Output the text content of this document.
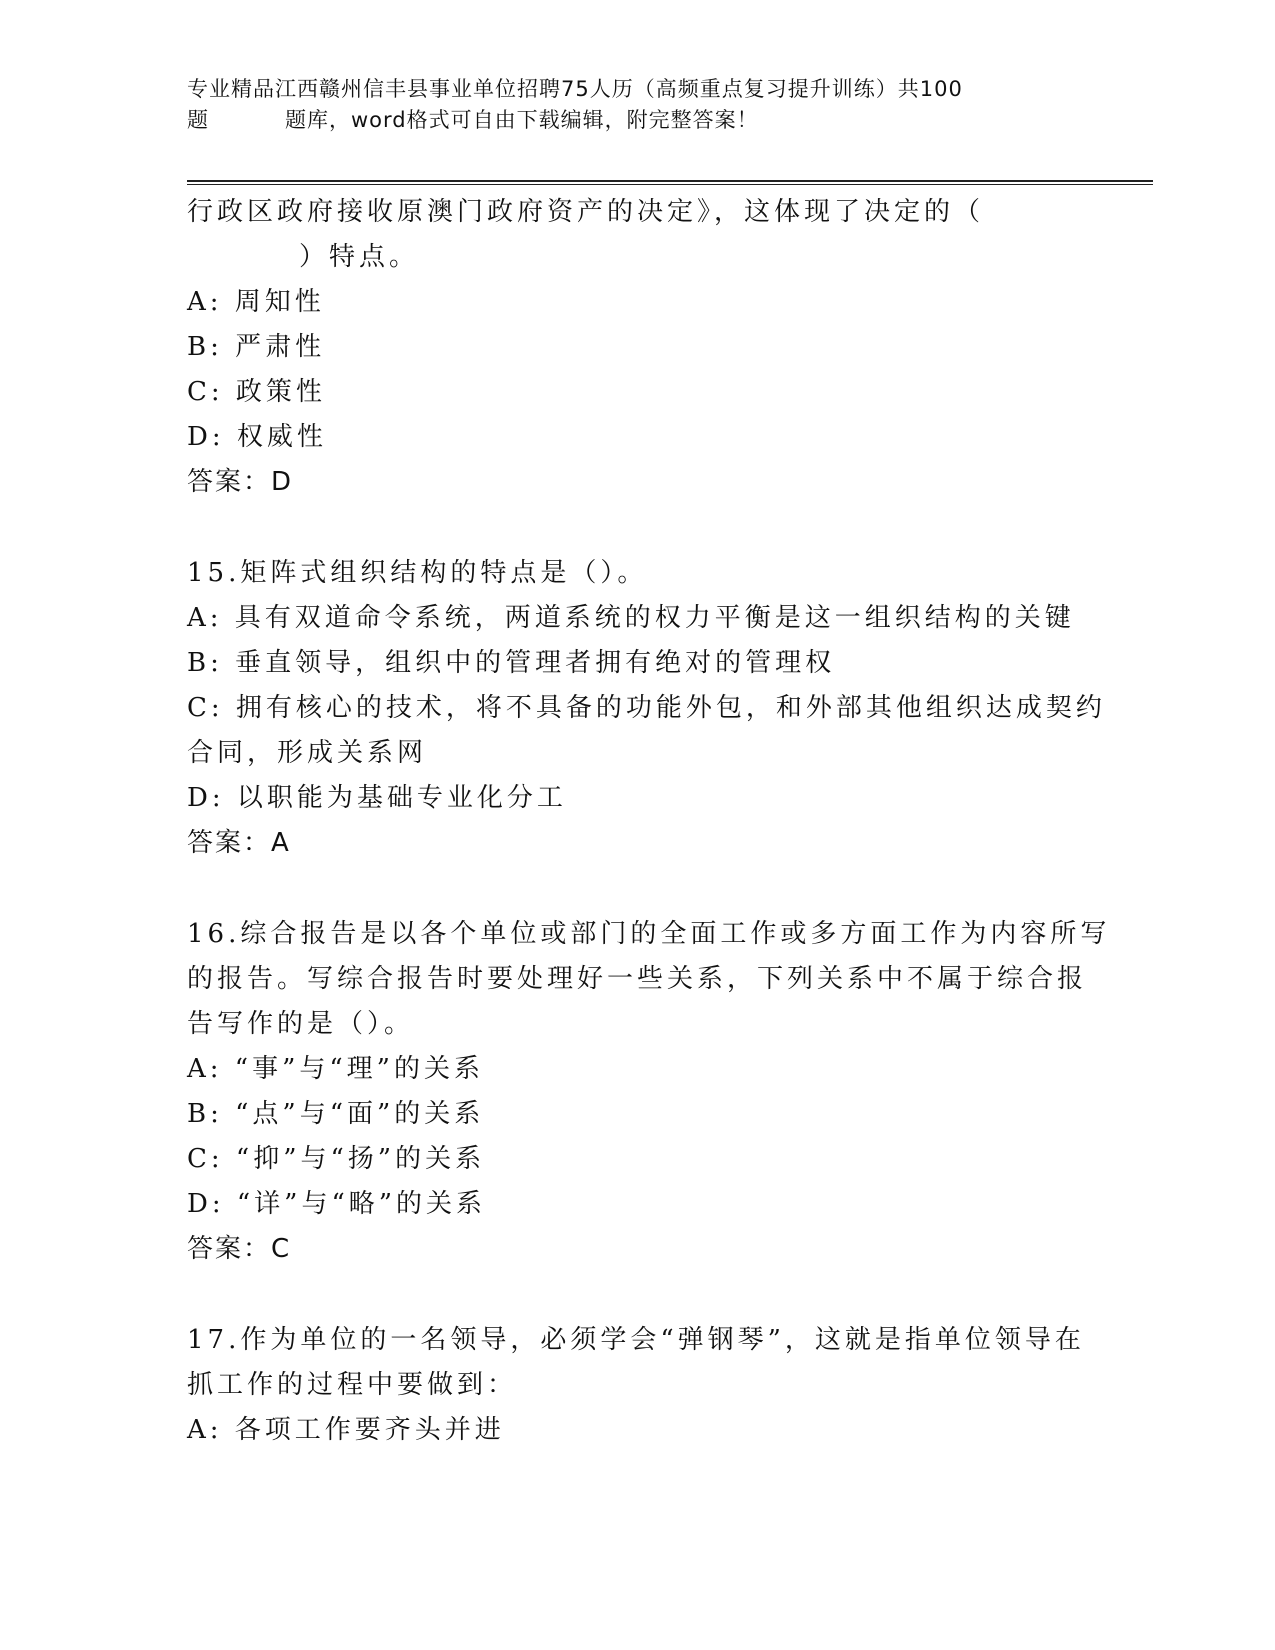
专业精品江西赣州信丰县事业单位招聘75人历（高频重点复习提升训练）共100
题	题库，word格式可自由下载编辑，附完整答案！
行政区政府接收原澳门政府资产的决定》，这体现了决定的（
）特点。
A: 周知性
B: 严肃性
C: 政策性
D: 权威性
答案：D
15.矩阵式组织结构的特点是（）。
A: 具有双道命令系统，两道系统的权力平衡是这一组织结构的关键
B: 垂直领导，组织中的管理者拥有绝对的管理权
C: 拥有核心的技术，将不具备的功能外包，和外部其他组织达成契约
合同，形成关系网
D: 以职能为基础专业化分工
答案：A
16.综合报告是以各个单位或部门的全面工作或多方面工作为内容所写
的报告。写综合报告时要处理好一些关系，下列关系中不属于综合报
告写作的是（）。
A: “事”与“理”的关系
B: “点”与“面”的关系
C: “抑”与“扬”的关系
D: “详”与“略”的关系
答案：C
17.作为单位的一名领导，必须学会“弹钢琴”，这就是指单位领导在
抓工作的过程中要做到：
A: 各项工作要齐头并进
